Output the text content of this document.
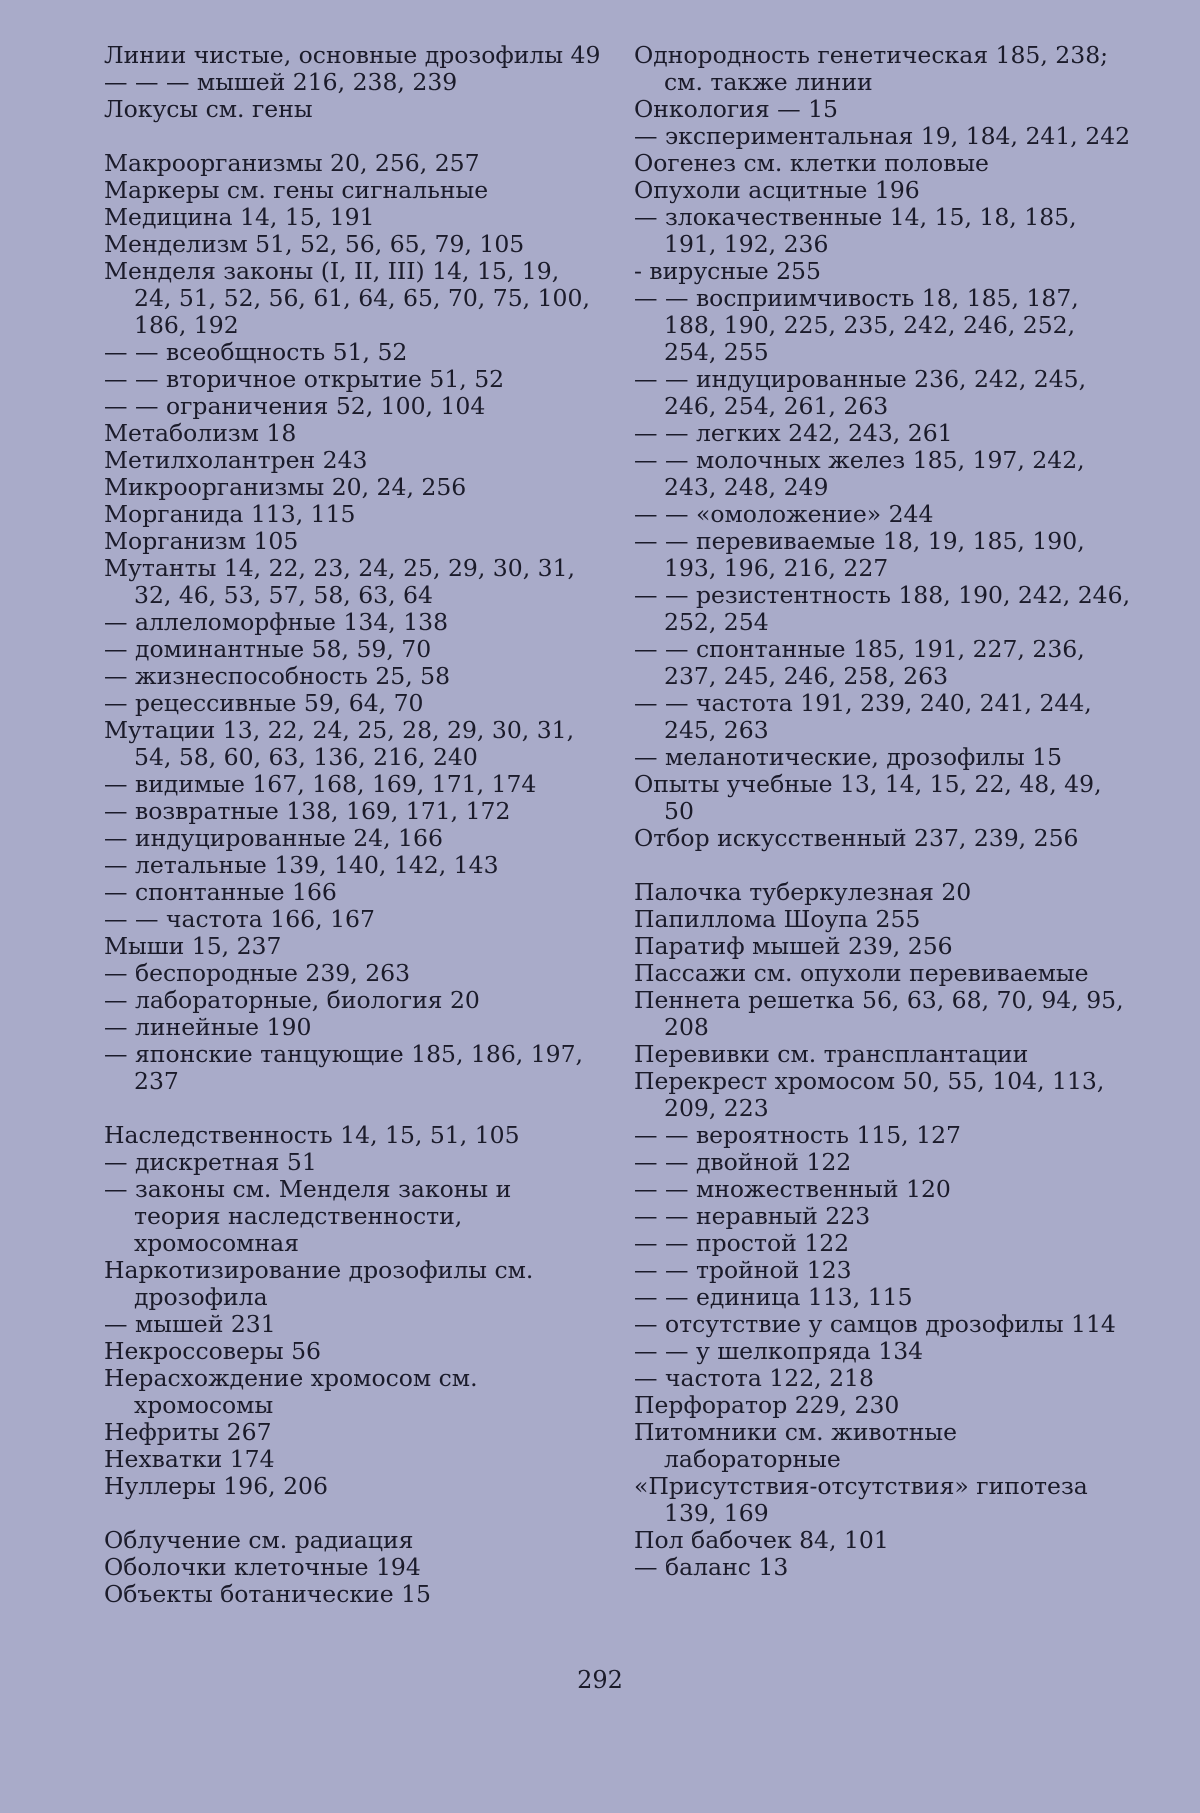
Линии чистые, основные дрозофилы 49
— — — мышей 216, 238, 239
Локусы см. гены
Макроорганизмы 20, 256, 257
Маркеры см. гены сигнальные
Медицина 14, 15, 191
Менделизм 51, 52, 56, 65, 79, 105
Менделя законы (I, II, III) 14, 15, 19, 24, 51, 52, 56, 61, 64, 65, 70, 75, 100, 186, 192
— — всеобщность 51, 52
— — вторичное открытие 51, 52
— — ограничения 52, 100, 104
Метаболизм 18
Метилхолантрен 243
Микроорганизмы 20, 24, 256
Морганида 113, 115
Морганизм 105
Мутанты 14, 22, 23, 24, 25, 29, 30, 31, 32, 46, 53, 57, 58, 63, 64
— аллеломорфные 134, 138
— доминантные 58, 59, 70
— жизнеспособность 25, 58
— рецессивные 59, 64, 70
Мутации 13, 22, 24, 25, 28, 29, 30, 31, 54, 58, 60, 63, 136, 216, 240
— видимые 167, 168, 169, 171, 174
— возвратные 138, 169, 171, 172
— индуцированные 24, 166
— летальные 139, 140, 142, 143
— спонтанные 166
— — частота 166, 167
Мыши 15, 237
— беспородные 239, 263
— лабораторные, биология 20
— линейные 190
— японские танцующие 185, 186, 197, 237
Наследственность 14, 15, 51, 105
— дискретная 51
— законы см. Менделя законы и теория наследственности, хромосомная
Наркотизирование дрозофилы см. дрозофила
— мышей 231
Некроссоверы 56
Нерасхождение хромосом см. хромосомы
Нефриты 267
Нехватки 174
Нуллеры 196, 206
Облучение см. радиация
Оболочки клеточные 194
Объекты ботанические 15
Однородность генетическая 185, 238; см. также линии
Онкология — 15
— экспериментальная 19, 184, 241, 242
Оогенез см. клетки половые
Опухоли асцитные 196
— злокачественные 14, 15, 18, 185, 191, 192, 236
- вирусные 255
— — восприимчивость 18, 185, 187, 188, 190, 225, 235, 242, 246, 252, 254, 255
— — индуцированные 236, 242, 245, 246, 254, 261, 263
— — легких 242, 243, 261
— — молочных желез 185, 197, 242, 243, 248, 249
— — «омоложение» 244
— — перевиваемые 18, 19, 185, 190, 193, 196, 216, 227
— — резистентность 188, 190, 242, 246, 252, 254
— — спонтанные 185, 191, 227, 236, 237, 245, 246, 258, 263
— — частота 191, 239, 240, 241, 244, 245, 263
— меланотические, дрозофилы 15
Опыты учебные 13, 14, 15, 22, 48, 49, 50
Отбор искусственный 237, 239, 256
Палочка туберкулезная 20
Папиллома Шоупа 255
Паратиф мышей 239, 256
Пассажи см. опухоли перевиваемые
Пеннета решетка 56, 63, 68, 70, 94, 95, 208
Перевивки см. трансплантации
Перекрест хромосом 50, 55, 104, 113, 209, 223
— — вероятность 115, 127
— — двойной 122
— — множественный 120
— — неравный 223
— — простой 122
— — тройной 123
— — единица 113, 115
— отсутствие у самцов дрозофилы 114
— — у шелкопряда 134
— частота 122, 218
Перфоратор 229, 230
Питомники см. животные лабораторные
«Присутствия-отсутствия» гипотеза 139, 169
Пол бабочек 84, 101
— баланс 13
292
